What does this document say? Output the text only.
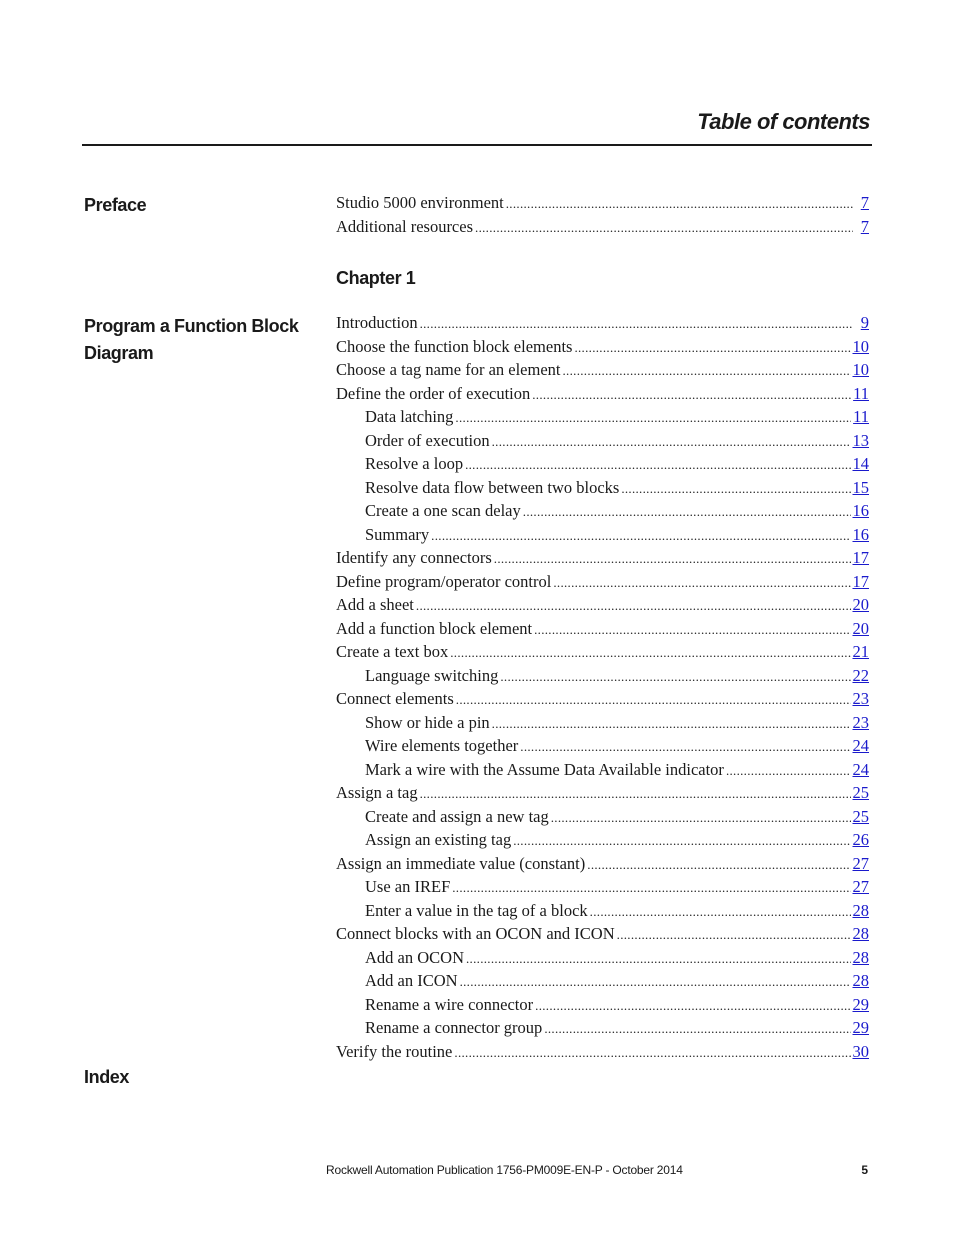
Table of contents
Preface	Studio 5000 environment .....	7
Additional resources .....	7
Chapter 1
Program a Function Block Diagram
Introduction .....	9
Choose the function block elements .....	10
Choose a tag name for an element .....	10
Define the order of execution .....	11
Data latching .....	11
Order of execution .....	13
Resolve a loop .....	14
Resolve data flow between two blocks .....	15
Create a one scan delay .....	16
Summary .....	16
Identify any connectors .....	17
Define program/operator control .....	17
Add a sheet .....	20
Add a function block element .....	20
Create a text box .....	21
Language switching .....	22
Connect elements .....	23
Show or hide a pin .....	23
Wire elements together .....	24
Mark a wire with the Assume Data Available indicator .....	24
Assign a tag .....	25
Create and assign a new tag .....	25
Assign an existing tag .....	26
Assign an immediate value (constant) .....	27
Use an IREF .....	27
Enter a value in the tag of a block .....	28
Connect blocks with an OCON and ICON .....	28
Add an OCON .....	28
Add an ICON .....	28
Rename a wire connector .....	29
Rename a connector group .....	29
Verify the routine .....	30
Index
Rockwell Automation Publication 1756-PM009E-EN-P - October 2014	5
